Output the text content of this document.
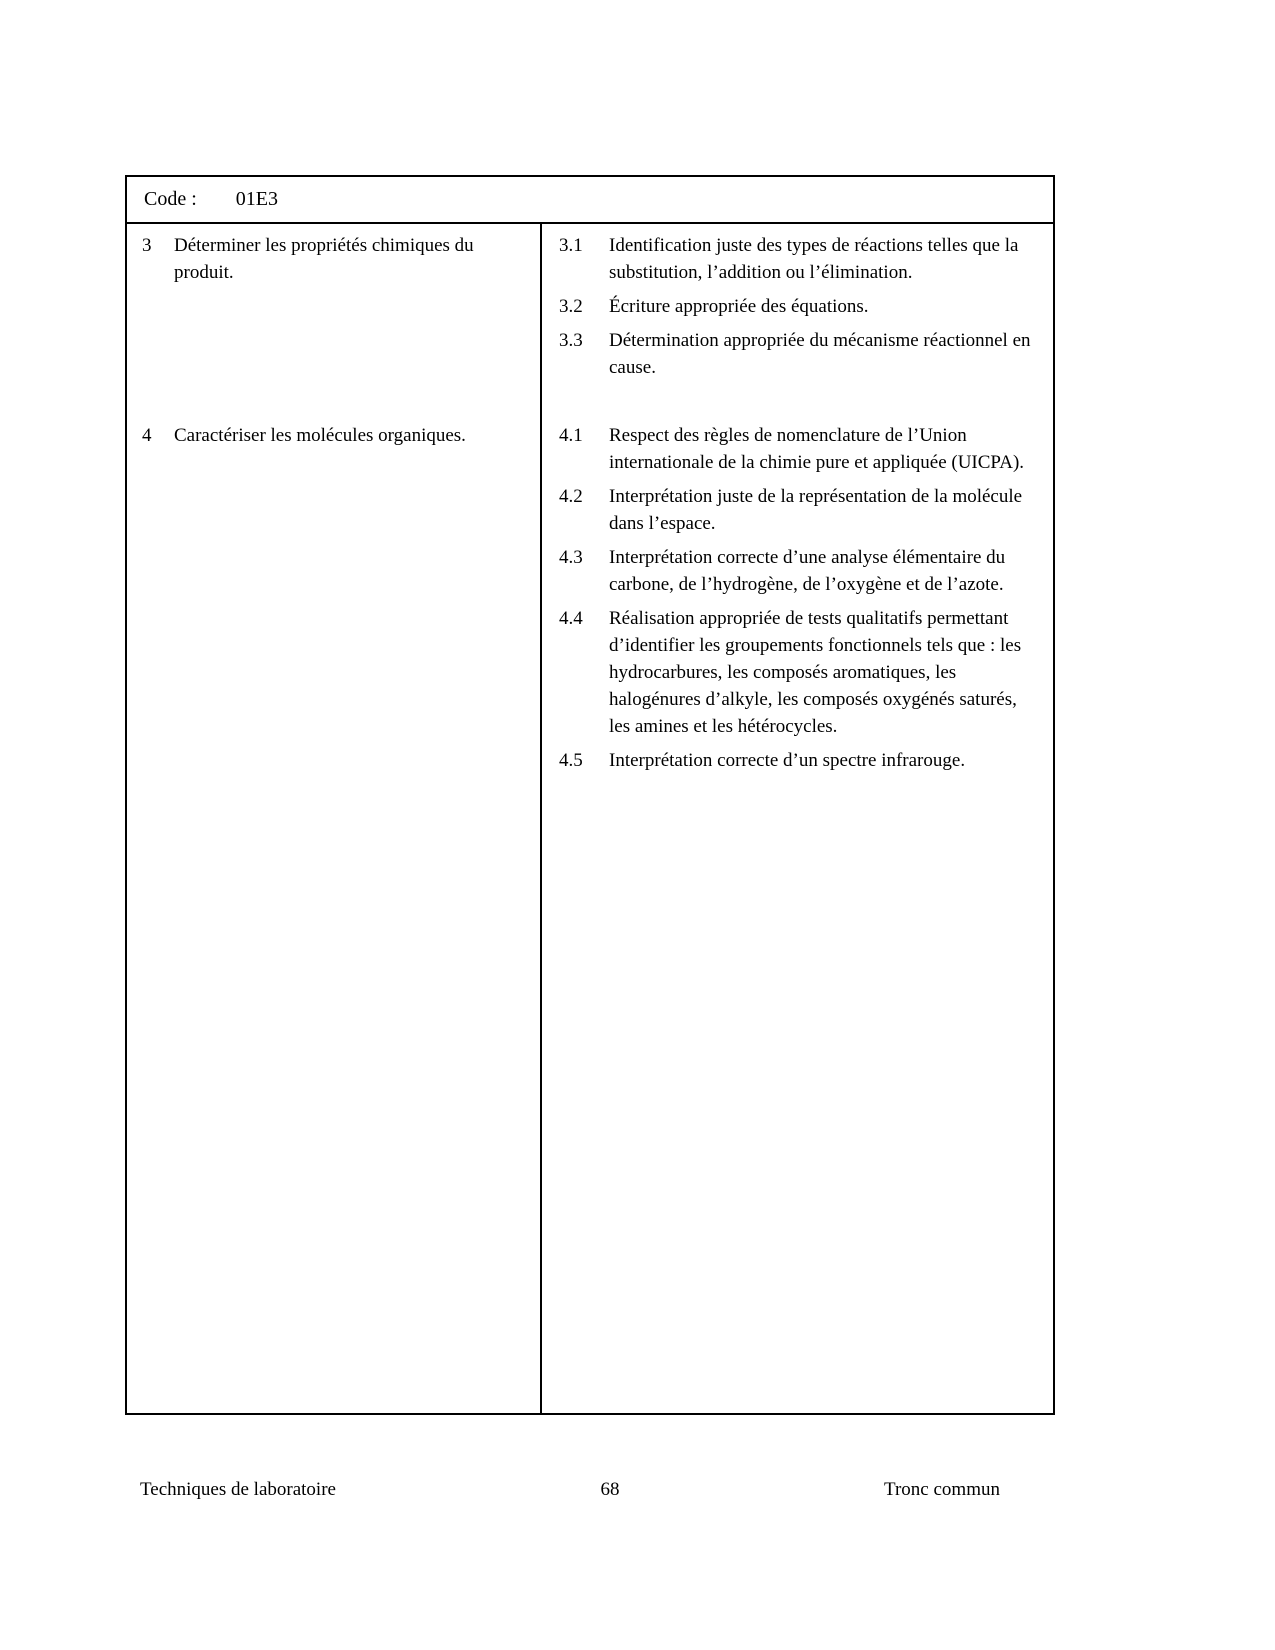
Code : 01E3
3	Déterminer les propriétés chimiques du produit.
3.1	Identification juste des types de réactions telles que la substitution, l’addition ou l’élimination.
3.2	Écriture appropriée des équations.
3.3	Détermination appropriée du mécanisme réactionnel en cause.
4	Caractériser les molécules organiques.	4.1	Respect des règles de nomenclature de l’Union internationale de la chimie pure et appliquée (UICPA).
4.2	Interprétation juste de la représentation de la molécule dans l’espace.
4.3	Interprétation correcte d’une analyse élémentaire du carbone, de l’hydrogène, de l’oxygène et de l’azote.
4.4	Réalisation appropriée de tests qualitatifs permettant d’identifier les groupements fonctionnels tels que : les hydrocarbures, les composés aromatiques, les halogénures d’alkyle, les composés oxygénés saturés, les amines et les hétérocycles.
4.5	Interprétation correcte d’un spectre infrarouge.
Techniques de laboratoire	68	Tronc commun
